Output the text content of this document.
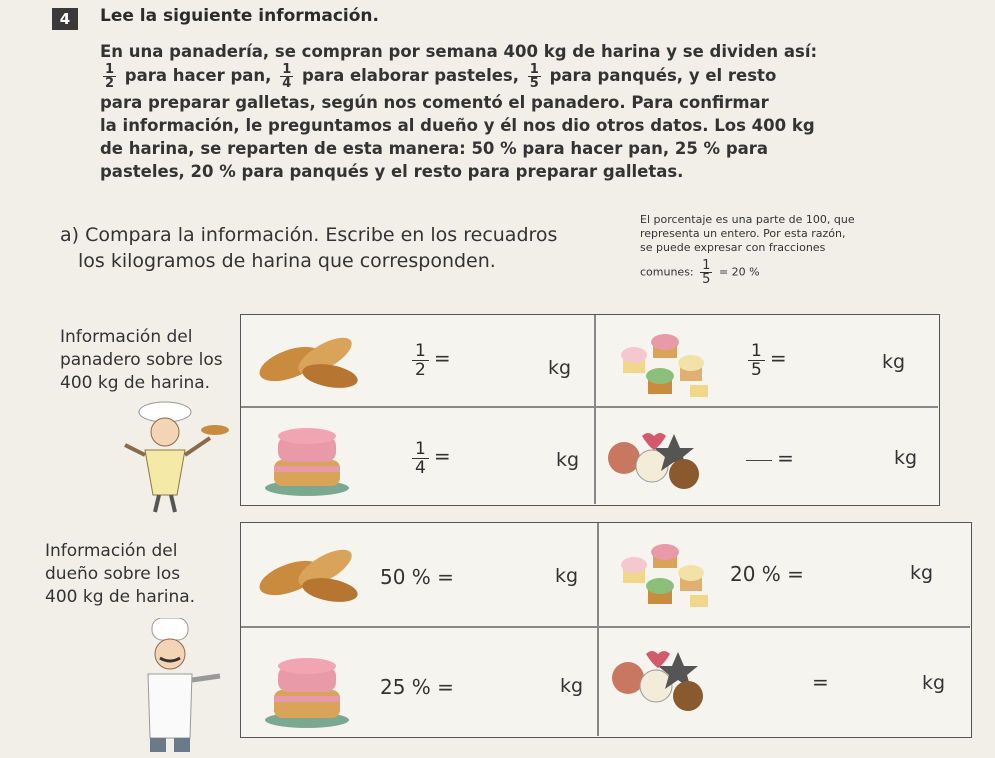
4	Lee la siguiente información.
En una panadería, se compran por semana 400 kg de harina y se dividen así:
$\frac{1}{2}$ para hacer pan, $\frac{1}{4}$ para elaborar pasteles, $\frac{1}{5}$ para panqués, y el resto
para preparar galletas, según nos comentó el panadero. Para confirmar
la información, le preguntamos al dueño y él nos dio otros datos. Los 400 kg
de harina, se reparten de esta manera: 50 % para hacer pan, 25 % para
pasteles, 20 % para panqués y el resto para preparar galletas.
a) Compara la información. Escribe en los recuadros
los kilogramos de harina que corresponden.
El porcentaje es una parte de 100, que
representa un entero. Por esta razón,
se puede expresar con fracciones
comunes: $\frac{1}{5} = 20$ %
Información del
panadero sobre los
400 kg de harina.
$\frac{1}{2}$ =	kg	$\frac{1}{5}$ =	kg
$\frac{1}{4}$ =	kg	=	kg
Información del
dueño sobre los
400 kg de harina.
50 % =	kg	20 % =	kg
25 % =	kg	=	kg
